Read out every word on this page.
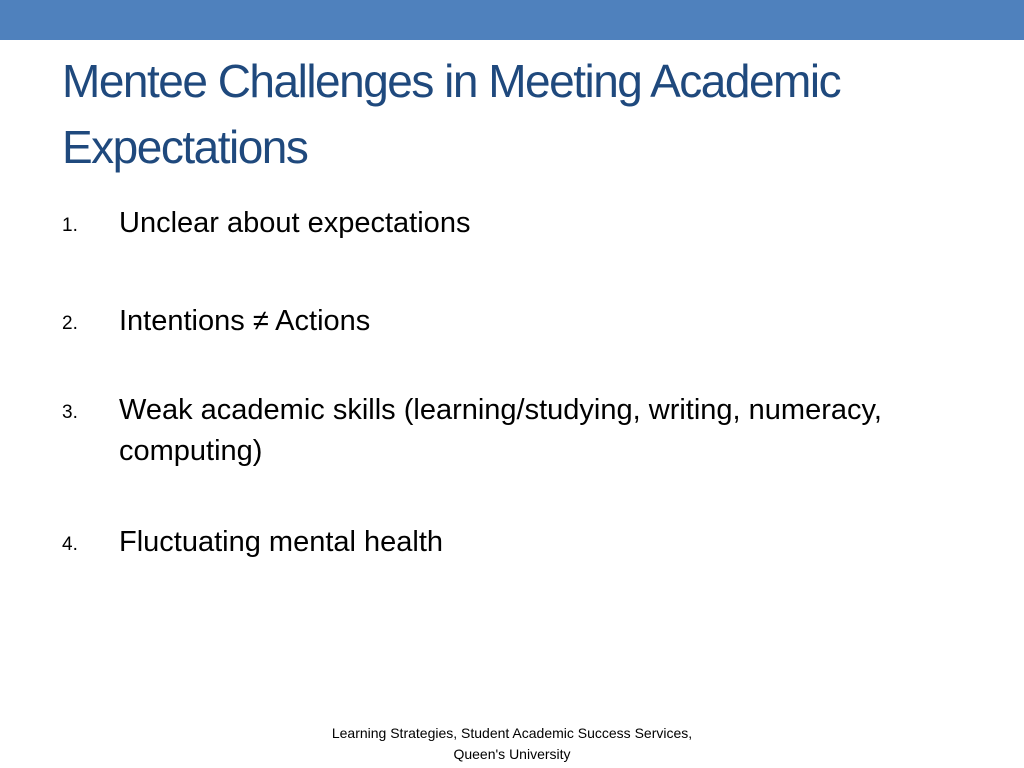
Mentee Challenges in Meeting Academic Expectations
1. Unclear about expectations
2. Intentions ≠ Actions
3. Weak academic skills (learning/studying, writing, numeracy, computing)
4. Fluctuating mental health
Learning Strategies, Student Academic Success Services,
Queen's University
